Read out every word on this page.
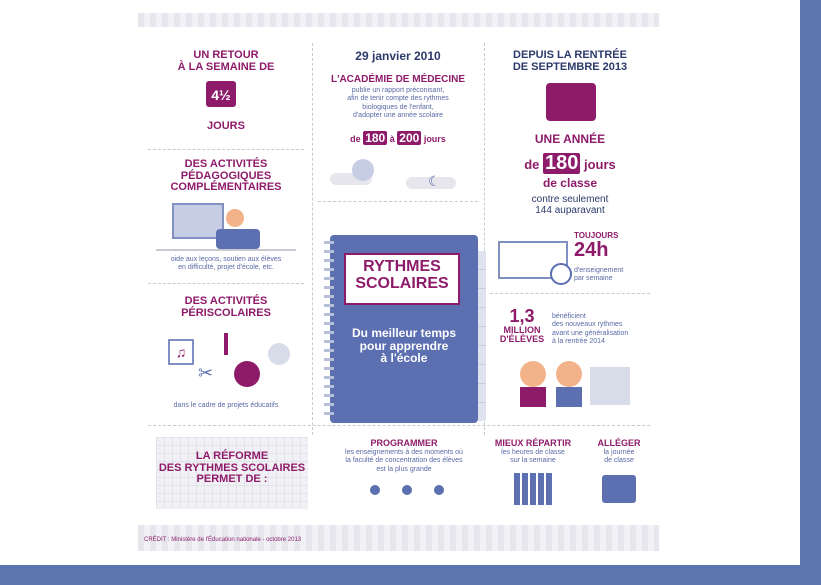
CRÉDIT : Ministère de l'Éducation nationale - octobre 2013
UN RETOUR
À LA SEMAINE DE
4½
JOURS
DES ACTIVITÉS
PÉDAGOGIQUES
COMPLÉMENTAIRES
oide aux leçons, soutien aux élèves
en difficulté, projet d'école, etc.
DES ACTIVITÉS
PÉRISCOLAIRES
♫
✂
dans le cadre de projets éducatifs
29 janvier 2010
L'ACADÉMIE DE MÉDECINE
publie un rapport préconisant,
afin de tenir compte des rythmes
biologiques de l'enfant,
d'adopter une année scolaire
de 180 à 200 jours
☾
RYTHMES
SCOLAIRES
Du meilleur temps
pour apprendre
à l'école
DEPUIS LA RENTRÉE
DE SEPTEMBRE 2013
UNE ANNÉE
de 180 jours
de classe
contre seulement
144 auparavant
TOUJOURS
24h
d'enseignement
par semaine
1,3
MILLION
D'ÉLÈVES
bénéficient
des nouveaux rythmes
avant une généralisation
à la rentrée 2014
LA RÉFORME
DES RYTHMES SCOLAIRES
PERMET DE :
PROGRAMMER
les enseignements à des moments où
la faculté de concentration des élèves
est la plus grande
MIEUX RÉPARTIR
les heures de classe
sur la semaine
ALLÉGER
la journée
de classe
